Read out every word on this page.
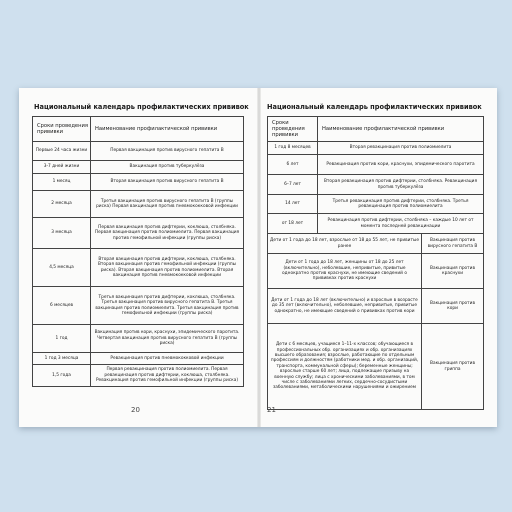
Национальный календарь профилактических прививок
Сроки проведения прививки	Наименование профилактической прививки
Первые 24 часа жизни	Первая вакцинация против вирусного гепатита В
3-7 дней жизни	Вакцинация против туберкулёза
1 месяц	Вторая вакцинация против вирусного гепатита В
2 месяца	Третья вакцинация против вирусного гепатита В (группы риска) Первая вакцинация против пневмококковой инфекции
3 месяца	Первая вакцинация против дифтерии, коклюша, столбняка. Первая вакцинация против полиомиелита. Первая вакцинация против гемофильной инфекции (группы риска)
4,5 месяца	Вторая вакцинация против дифтерии, коклюша, столбняка. Вторая вакцинация против гемофильной инфекции (группы риска). Вторая вакцинация против полиомиелита. Вторая вакцинация против пневмококковой инфекции
6 месяцев	Третья вакцинация против дифтерии, коклюша, столбняка. Третья вакцинация против вирусного гепатита В. Третья вакцинация против полиомиелита. Третья вакцинация против гемофильной инфекции (группы риска)
1 год	Вакцинация против кори, краснухи, эпидемического паротита. Четвертая вакцинация против вирусного гепатита В (группы риска)
1 год 3 месяца	Ревакцинация против пневмококковой инфекции
1,5 года	Первая ревакцинация против полиомиелита. Первая ревакцинация против дифтерии, коклюша, столбняка. Ревакцинация против гемофильной инфекции (группы риска)
20
Национальный календарь профилактических прививок
Сроки проведения прививки	Наименование профилактической прививки	
1 год 8 месяцев	Вторая ревакцинация против полиомиелита	
6 лет	Ревакцинация против кори, краснухи, эпидемического паротита	
6–7 лет	Вторая ревакцинация против дифтерии, столбняка. Ревакцинация против туберкулёза	
14 лет	Третья ревакцинация против дифтерии, столбняка. Третья ревакцинация против полиомиелита	
от 18 лет	Ревакцинация против дифтерии, столбняка – каждые 10 лет от момента последней ревакцинации	
Дети от 1 года до 18 лет, взрослые от 18 до 55 лет, не привитые ранее		Вакцинация против вирусного гепатита В
Дети от 1 года до 18 лет, женщины от 18 до 25 лет (включительно), неболевшие, непривитые, привитые однократно против краснухи, не имеющие сведений о прививках против краснухи		Вакцинация против краснухи
Дети от 1 года до 18 лет (включительно) и взрослые в возрасте до 35 лет (включительно), неболевшие, непривитые, привитые однократно, не имеющие сведений о прививках против кори		Вакцинация против кори
Дети с 6 месяцев, учащиеся 1–11-х классов; обучающиеся в профессиональных обр. организациях и обр. организациях высшего образования; взрослые, работающие по отдельным профессиям и должностям (работники мед. и обр. организаций, транспорта, коммунальной сферы); беременные женщины; взрослые старше 60 лет; лица, подлежащие призыву на военную службу; лица с хроническими заболеваниями, в том числе с заболеваниями легких, сердечно-сосудистыми заболеваниями, метаболическими нарушениями и ожирением		Вакцинация против гриппа
21
